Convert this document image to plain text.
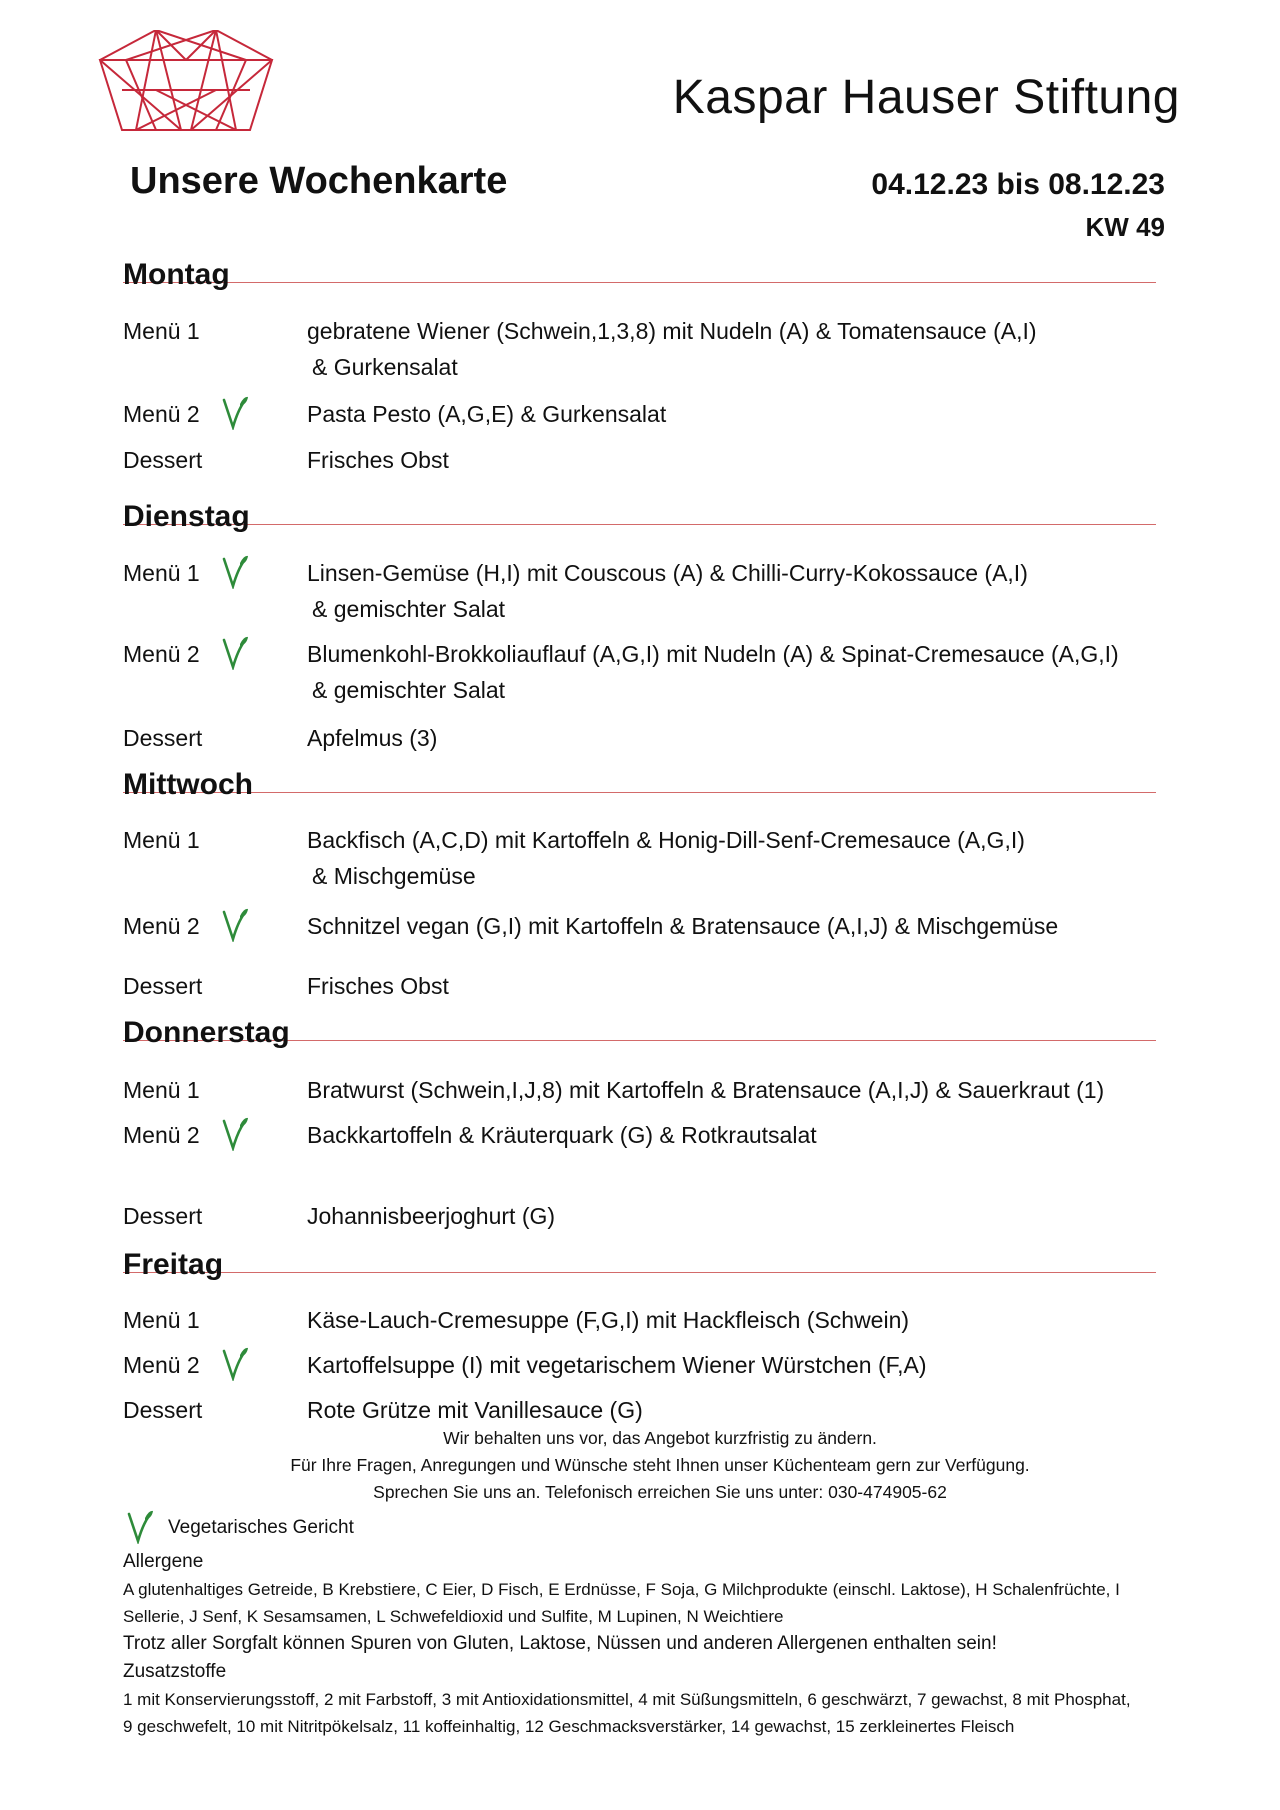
Kaspar Hauser Stiftung
Unsere Wochenkarte	04.12.23 bis 08.12.23
KW 49
Montag
Menü 1	gebratene Wiener (Schwein,1,3,8) mit Nudeln (A) & Tomatensauce (A,I)
& Gurkensalat
Menü 2	Pasta Pesto (A,G,E) & Gurkensalat
Dessert	Frisches Obst
Dienstag
Menü 1	Linsen-Gemüse (H,I) mit Couscous (A) & Chilli-Curry-Kokossauce (A,I)
& gemischter Salat
Menü 2	Blumenkohl-Brokkoliauflauf (A,G,I) mit Nudeln (A) & Spinat-Cremesauce (A,G,I)
& gemischter Salat
Dessert	Apfelmus (3)
Mittwoch
Menü 1	Backfisch (A,C,D) mit Kartoffeln & Honig-Dill-Senf-Cremesauce (A,G,I)
& Mischgemüse
Menü 2	Schnitzel vegan (G,I) mit Kartoffeln & Bratensauce (A,I,J) & Mischgemüse
Dessert	Frisches Obst
Donnerstag
Menü 1	Bratwurst (Schwein,I,J,8) mit Kartoffeln & Bratensauce (A,I,J) & Sauerkraut (1)
Menü 2	Backkartoffeln & Kräuterquark (G) & Rotkrautsalat
Dessert	Johannisbeerjoghurt (G)
Freitag
Menü 1	Käse-Lauch-Cremesuppe (F,G,I) mit Hackfleisch (Schwein)
Menü 2	Kartoffelsuppe (I) mit vegetarischem Wiener Würstchen (F,A)
Dessert	Rote Grütze mit Vanillesauce (G)
Wir behalten uns vor, das Angebot kurzfristig zu ändern.
Für Ihre Fragen, Anregungen und Wünsche steht Ihnen unser Küchenteam gern zur Verfügung.
Sprechen Sie uns an. Telefonisch erreichen Sie uns unter: 030-474905-62
Vegetarisches Gericht
Allergene
A glutenhaltiges Getreide, B Krebstiere, C Eier, D Fisch, E Erdnüsse, F Soja, G Milchprodukte (einschl. Laktose), H Schalenfrüchte, I
Sellerie, J Senf, K Sesamsamen, L Schwefeldioxid und Sulfite, M Lupinen, N Weichtiere
Trotz aller Sorgfalt können Spuren von Gluten, Laktose, Nüssen und anderen Allergenen enthalten sein!
Zusatzstoffe
1 mit Konservierungsstoff, 2 mit Farbstoff, 3 mit Antioxidationsmittel, 4 mit Süßungsmitteln, 6 geschwärzt, 7 gewachst, 8 mit Phosphat,
9 geschwefelt, 10 mit Nitritpökelsalz, 11 koffeinhaltig, 12 Geschmacksverstärker, 14 gewachst, 15 zerkleinertes Fleisch
